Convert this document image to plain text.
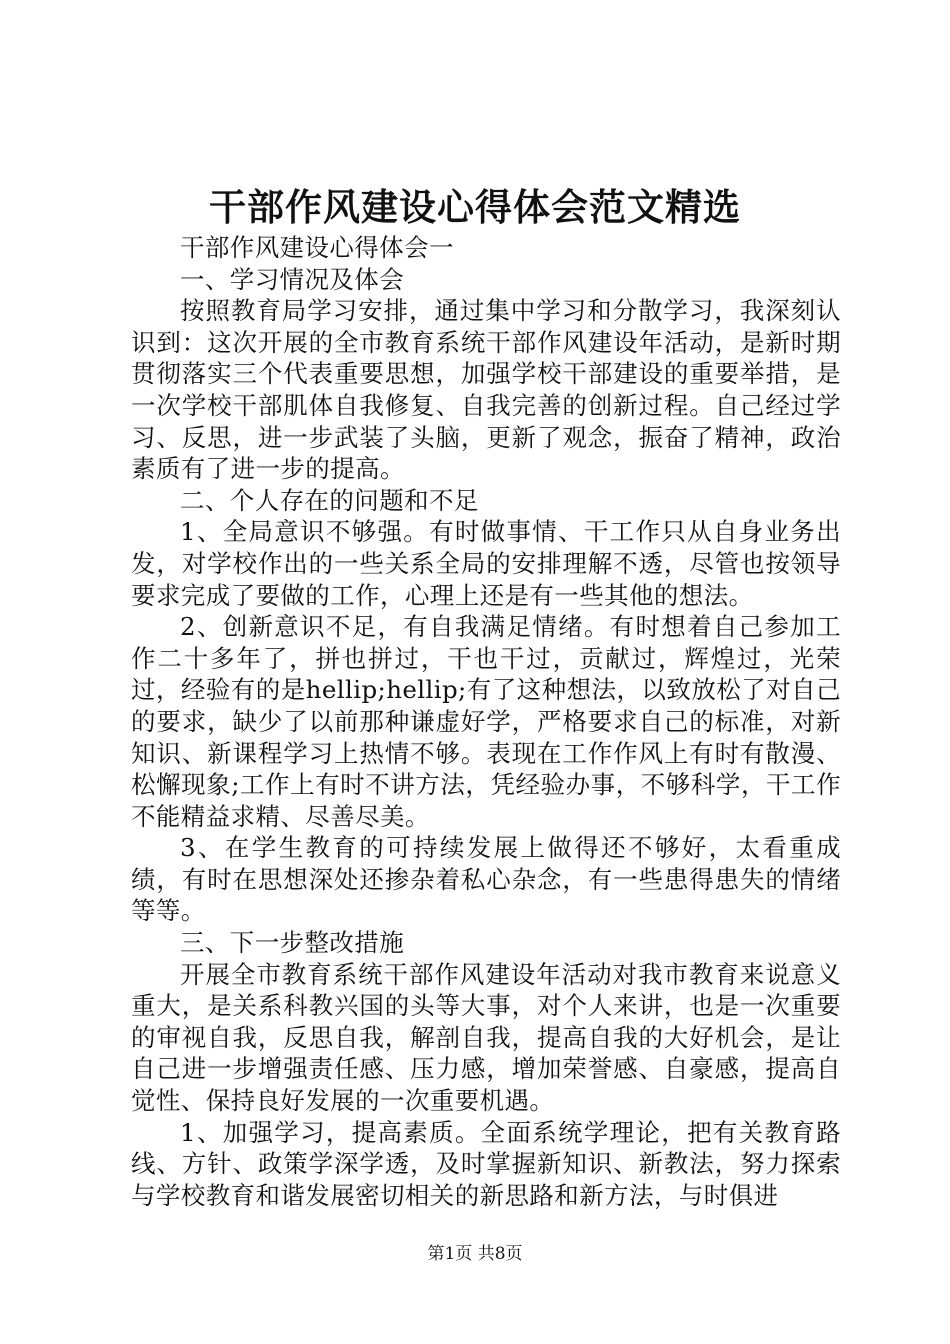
干部作风建设心得体会范文精选

干部作风建设心得体会一

一、学习情况及体会

按照教育局学习安排，通过集中学习和分散学习，我深刻认识到：这次开展的全市教育系统干部作风建设年活动，是新时期贯彻落实三个代表重要思想，加强学校干部建设的重要举措，是一次学校干部肌体自我修复、自我完善的创新过程。自己经过学习、反思，进一步武装了头脑，更新了观念，振奋了精神，政治素质有了进一步的提高。

二、个人存在的问题和不足

1、全局意识不够强。有时做事情、干工作只从自身业务出发，对学校作出的一些关系全局的安排理解不透，尽管也按领导要求完成了要做的工作，心理上还是有一些其他的想法。

2、创新意识不足，有自我满足情绪。有时想着自己参加工作二十多年了，拼也拼过，干也干过，贡献过，辉煌过，光荣过，经验有的是hellip;hellip;有了这种想法，以致放松了对自己的要求，缺少了以前那种谦虚好学，严格要求自己的标准，对新知识、新课程学习上热情不够。表现在工作作风上有时有散漫、松懈现象;工作上有时不讲方法，凭经验办事，不够科学，干工作不能精益求精、尽善尽美。

3、在学生教育的可持续发展上做得还不够好，太看重成绩，有时在思想深处还掺杂着私心杂念，有一些患得患失的情绪等等。

三、下一步整改措施

开展全市教育系统干部作风建设年活动对我市教育来说意义重大，是关系科教兴国的头等大事，对个人来讲，也是一次重要的审视自我，反思自我，解剖自我，提高自我的大好机会，是让自己进一步增强责任感、压力感，增加荣誉感、自豪感，提高自觉性、保持良好发展的一次重要机遇。

1、加强学习，提高素质。全面系统学理论，把有关教育路线、方针、政策学深学透，及时掌握新知识、新教法，努力探索与学校教育和谐发展密切相关的新思路和新方法，与时俱进

第1页 共8页
